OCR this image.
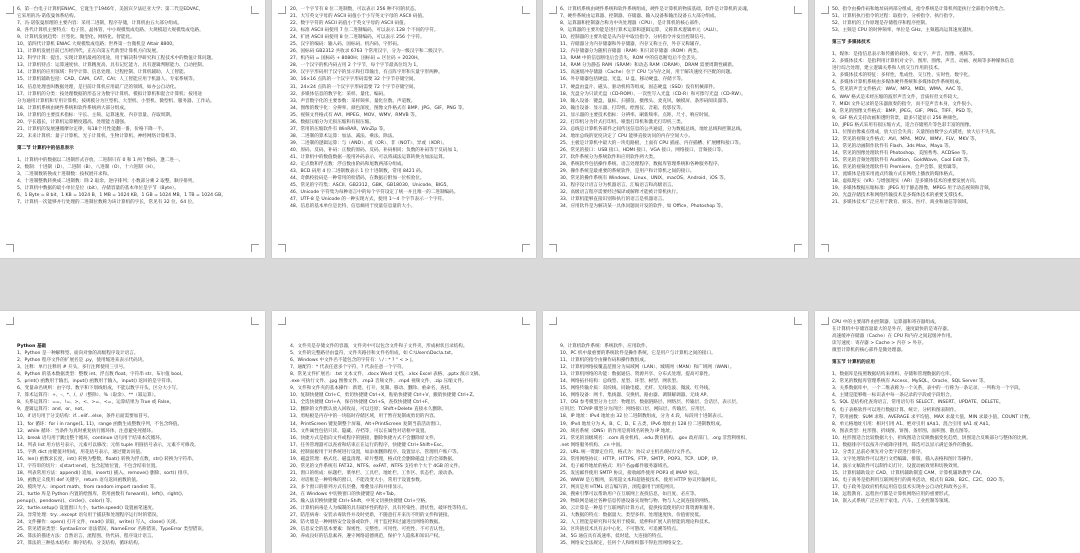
6、第一台电子计算机ENIAC，它诞生于1946年，美国宾夕法尼亚大学；第二代是EDVAC，
它采用的冯·诺依曼体系结构。
7、冯·诺依曼原理的主要内容：采用二进制，程序存储，计算机由五大部分组成。
8、各代计算机主要特点：电子管、晶体管、中小规模集成电路、大规模超大规模集成电路。
9、计算机发展趋势：巨型化、微型化、网络化、智能化。
10、第四代计算机 ENIAC 大规模集成电路；世界第一台微机是 Altair 8800。
11、计算机发展目前已历经四代，正在向第五代新型计算机方向发展。
12、科学计算：提出、实现计算机最初的用途，用于解决科学研究和工程技术中的数值计算问题。
13、计算机特点：运算速度快、计算精度高、具有记忆能力、具有逻辑判断能力、自动控制。
14、计算机的应用领域：科学计算、信息处理、过程控制、计算机辅助、人工智能。
15、计算机辅助包括：CAD、CAM、CAT、CAI；人工智能应用于机器人、专家系统等。
16、信息处理也叫数据处理，是目前计算机应用最广泛的领域，如办公自动化。
17、计算机的分类：按处理数据的形态分为数字计算机、模拟计算机和混合计算机；按用途
分为通用计算机和专用计算机；按规模分为巨型机、大型机、小型机、微型机、服务器、工作站。
18、计算机系统由硬件系统和软件系统两大部分组成。
19、计算机的主要技术指标：字长、主频、运算速度、内存容量、存取周期。
20、字长越长，计算机运算精度越高，处理能力越强。
21、计算机的发展遵循摩尔定律，每18个月性能翻一番，价格下降一半。
22、未来计算机：量子计算机、光子计算机、生物计算机、神经网络计算机等。
第二节 计算机中的信息表示
1、计算机中的数据以二进制形式存放，二进制只有 0 和 1 两个数码，逢二进一。
2、数制：十进制（D）、二进制（B）、八进制（O）、十六进制（H）。
3、二进制数转换成十进制数：按权展开求和。
4、十进制整数转换成二进制数：除 2 取余，逆序排列；小数部分乘 2 取整，顺序排列。
5、计算机中数据的最小单位是位（bit），存储容量的基本单位是字节（Byte）。
6、1 Byte = 8 bit，1 KB = 1024 B，1 MB = 1024 KB，1 GB = 1024 MB，1 TB = 1024 GB。
7、计算机一次能够并行处理的二进制位数称为该计算机的字长，常见有 32 位、64 位。
20、一个字节有 8 位二进制数，可以表示 256 种不同的状态。
21、大写英文字母的 ASCII 码值小于小写英文字母的 ASCII 码值。
22、数字字符的 ASCII 码值小于英文字母的 ASCII 码值。
23、标准 ASCII 码使用 7 位二进制编码，可以表示 128 个不同的字符。
24、扩展 ASCII 码使用 8 位二进制编码，可以表示 256 个字符。
25、汉字的编码：输入码、国标码、机内码、字形码。
26、国标码 GB2312 共收录 6763 个常用汉字，分为一级汉字和二级汉字。
27、机内码 = 国标码 + 8080H；国标码 = 区位码 + 2020H。
28、一个汉字的机内码占用 2 个字节，每个字节最高位均为 1。
29、汉字字形码用于汉字的显示和打印输出，有点阵字形和矢量字形两种。
30、16×16 点阵的一个汉字字形码需要 32 个字节存储空间。
31、24×24 点阵的一个汉字字形码需要 72 个字节存储空间。
32、多媒体信息的数字化：采样、量化、编码。
33、声音数字化的主要参数：采样频率、量化位数、声道数。
34、图像的数字化：分辨率、颜色深度，图像文件格式有 BMP、JPG、GIF、PNG 等。
35、视频文件格式有 AVI、MPEG、MOV、WMV、RMVB 等。
36、数据压缩分为无损压缩和有损压缩。
37、常用的压缩软件有 WinRAR、WinZip 等。
38、二进制的算术运算：加法、减法、乘法、除法。
39、二进制的逻辑运算：与（AND）、或（OR）、非（NOT）、异或（XOR）。
40、原码、反码、补码：正数的原码、反码、补码相同；负数的补码等于反码加 1。
41、计算机中的数值数据一般用补码表示，可以将减法运算转换为加法运算。
42、定点数和浮点数：浮点数由阶码和尾数两部分组成。
43、BCD 码用 4 位二进制数表示 1 位十进制数，常用 8421 码。
44、奇偶校验码是一种常用的检错码，在数据后附加一位校验位。
45、常见的字符集：ASCII、GB2312、GBK、GB18030、Unicode、BIG5。
46、Unicode 字符集为每种语言中的每个字符设定了统一并且唯一的二进制编码。
47、UTF-8 是 Unicode 的一种实现方式，使用 1～4 个字节表示一个字符。
48、信息的基本单位是比特，信息熵用于度量信息量的大小。
6、计算机系统由硬件系统和软件系统组成，硬件是计算机的物质基础，软件是计算机的灵魂。
7、硬件系统由运算器、控制器、存储器、输入设备和输出设备五大部分组成。
8、运算器和控制器合称为中央处理器（CPU），是计算机的核心部件。
9、运算器的主要功能是进行算术运算和逻辑运算，又称算术逻辑单元（ALU）。
10、控制器的主要功能是从内存中取出指令、分析指令并发出控制信号。
11、存储器分为内存储器和外存储器，内存又称主存，外存又称辅存。
12、内存储器分为随机存储器（RAM）和只读存储器（ROM）两类。
13、RAM 中的信息断电后会丢失，ROM 中的信息断电后不会丢失。
14、RAM 分为静态 RAM（SRAM）和动态 RAM（DRAM），DRAM 需要周期性刷新。
15、高速缓冲存储器（Cache）位于 CPU 与内存之间，用于解决速度不匹配的问题。
16、外存储器包括硬盘、光盘、U 盘、移动硬盘、存储卡等。
17、硬盘由盘片、磁头、驱动机构等组成，固态硬盘（SSD）没有机械部件。
18、光盘分为只读光盘（CD-ROM）、一次性写入光盘（CD-R）和可擦写光盘（CD-RW）。
19、输入设备：键盘、鼠标、扫描仪、摄像头、麦克风、触摸屏、条形码阅读器等。
20、输出设备：显示器、打印机、绘图仪、音箱、投影仪等。
21、显示器的主要技术指标：分辨率、刷新频率、点距、尺寸、响应时间。
22、打印机分为针式打印机、喷墨打印机和激光打印机三类。
23、总线是计算机各部件之间传送信息的公共通道，分为数据总线、地址总线和控制总线。
24、地址总线的宽度决定了 CPU 能够直接访问的内存空间大小。
25、主板是计算机中最大的一块电路板，上面有 CPU 插座、内存插槽、扩展槽和接口等。
26、常见的接口：USB 接口、HDMI 接口、VGA 接口、网络接口、音频接口等。
27、软件系统分为系统软件和应用软件两大类。
28、系统软件包括操作系统、语言处理程序、数据库管理系统和各种服务程序。
29、操作系统是最重要的系统软件，是用户和计算机之间的接口。
30、常见的操作系统有 Windows、Linux、UNIX、macOS、Android、iOS 等。
31、程序设计语言分为机器语言、汇编语言和高级语言。
32、高级语言程序需要经过编译或解释才能被计算机执行。
33、计算机能够直接识别和执行的语言是机器语言。
34、应用软件是为解决某一具体问题而开发的软件，如 Office、Photoshop 等。
50、指令由操作码和地址码两部分组成，指令系统是计算机所能执行全部指令的集合。
51、计算机执行指令的过程：取指令、分析指令、执行指令。
52、计算机的工作原理是存储程序和程序控制。
53、主频是 CPU 的时钟频率，单位是 GHz，主频越高运算速度越快。
第三节 多媒体技术
1、媒体：是指信息表示和传播的载体，如文字、声音、图像、视频等。
2、多媒体技术：是指利用计算机对文字、图形、图像、声音、动画、视频等多种媒体信息
进行综合处理，建立逻辑关系和人机交互作用的技术。
3、多媒体技术的特征：多样性、集成性、交互性、实时性、数字化。
4、多媒体计算机系统由多媒体硬件系统和多媒体软件系统组成。
5、常见的声音文件格式：WAV、MP3、MIDI、WMA、AAC 等。
6、WAV 格式是未经压缩的波形声音文件，音质好但文件较大。
7、MIDI 文件记录的是乐器演奏的指令，而不是声音本身，文件很小。
8、常见的图像文件格式：BMP、JPEG、GIF、PNG、TIFF、PSD 等。
9、GIF 格式支持动画和透明背景，最多只能显示 256 种颜色。
10、JPEG 格式采用有损压缩方式，适合存储照片等色彩丰富的图像。
11、位图由像素点组成，放大后会失真；矢量图由数学公式描述，放大后不失真。
12、常见的视频文件格式：AVI、MP4、MOV、WMV、FLV、MKV 等。
13、常见的动画制作软件有 Flash、3ds Max、Maya 等。
14、常见的图像处理软件有 Photoshop、美图秀秀、ACDSee 等。
15、常见的音频处理软件有 Audition、GoldWave、Cool Edit 等。
16、常见的视频处理软件有 Premiere、会声会影、爱剪辑等。
17、流媒体是指采用流式传输方式在网络上播放的媒体格式。
18、虚拟现实（VR）与增强现实（AR）是多媒体技术的重要发展方向。
19、多媒体数据压缩标准：JPEG 用于静态图像，MPEG 用于动态视频和音频。
20、光盘存储技术和网络传输技术是多媒体技术的重要支撑技术。
21、多媒体技术广泛应用于教育、娱乐、医疗、商业和通信等领域。
Python 基础
1、Python 是一种解释型、面向对象的高级程序设计语言。
2、Python 程序文件的扩展名是 .py，使用缩进来表示代码块。
3、注释：单行注释用 # 开头，多行注释使用三引号。
4、Python 的基本数据类型：整数 int、浮点数 float、字符串 str、布尔值 bool。
5、print() 函数用于输出，input() 函数用于输入，input() 返回的是字符串。
6、变量命名规则：由字母、数字和下划线组成，不能以数字开头，区分大小写。
7、算术运算符：+、-、*、/、//（整除）、%（取余）、**（幂运算）。
8、关系运算符：==、!=、>、<、>=、<=，运算结果为 True 或 False。
9、逻辑运算符：and、or、not。
10、if 语句用于分支结构：if…elif…else，条件后面需要加冒号。
11、for 循环：for i in range(1, 11)，range 函数生成整数序列，不包含终值。
12、while 循环：当条件为真时重复执行循环体，注意避免死循环。
13、break 语句用于跳出整个循环，continue 语句用于结束本次循环。
14、列表 list 用方括号表示，元素可以修改；元组 tuple 用圆括号表示，元素不可修改。
15、字典 dict 由键值对组成，用花括号表示，通过键访问值。
16、len() 函数求长度，int() 转换为整数，float() 转换为浮点数，str() 转换为字符串。
17、字符串的切片：s[start:end]，包含起始位置，不包含结束位置。
18、列表常用方法：append() 追加、insert() 插入、remove() 删除、sort() 排序。
19、函数定义使用 def 关键字，return 语句返回函数的值。
20、模块导入：import math、from random import randint 等。
21、turtle 库是 Python 内置的绘图库，常用函数有 forward()、left()、right()、
penup()、pendown()、circle()、color() 等。
22、turtle.setup() 设置窗口大小，turtle.speed() 设置画笔速度。
23、异常处理：try…except 语句用于捕获和处理程序运行时的错误。
24、文件操作：open() 打开文件，read() 读取，write() 写入，close() 关闭。
25、常见错误类型：SyntaxError 语法错误、NameError 名称错误、TypeError 类型错误。
26、算法的描述方法：自然语言、流程图、伪代码、程序设计语言。
27、算法的三种基本结构：顺序结构、分支结构、循环结构。
4、文件夹是存储文件的容器，文件夹中可以包含文件和子文件夹，形成树状目录结构。
5、文件的完整路径由盘符、文件夹路径和文件名组成，如 C:\Users\Doc\a.txt。
6、Windows 中文件名不能包含的字符有：\ / : * ? " < > |。
7、通配符：* 代表任意多个字符，? 代表任意一个字符。
8、常见文件扩展名：.txt 文本文件、.docx Word 文档、.xlsx Excel 表格、.pptx 演示文稿、
.exe 可执行文件、.jpg 图像文件、.mp3 音频文件、.mp4 视频文件、.zip 压缩文件。
9、文件和文件夹的基本操作：新建、打开、复制、移动、删除、重命名、查找。
10、复制快捷键 Ctrl+C，剪切快捷键 Ctrl+X，粘贴快捷键 Ctrl+V，撤销快捷键 Ctrl+Z。
11、全选快捷键 Ctrl+A，保存快捷键 Ctrl+S，查找快捷键 Ctrl+F。
12、删除的文件默认放入回收站，可以还原；Shift+Delete 直接永久删除。
13、剪贴板是内存中的一块临时存储区域，用于暂存复制或剪切的内容。
14、PrintScreen 键复制整个屏幕，Alt+PrintScreen 复制当前活动窗口。
15、文件属性包括只读、隐藏、存档等，可以在属性对话框中设置。
16、快捷方式是指向文件或程序的链接，删除快捷方式不会删除原文件。
17、任务管理器可以查看和结束正在运行的程序，快捷键 Ctrl+Shift+Esc。
18、控制面板用于对系统进行设置，如添加删除程序、设置显示、管理用户账户等。
19、磁盘管理：格式化、磁盘清理、碎片整理，格式化会删除磁盘上的全部数据。
20、常见的文件系统有 FAT32、NTFS、exFAT，NTFS 支持单个大于 4GB 的文件。
21、窗口的组成：标题栏、菜单栏、工具栏、地址栏、工作区、状态栏、滚动条。
22、对话框是一种特殊的窗口，不能改变大小，常用于设置参数。
23、多个窗口的排列方式有层叠、堆叠显示和并排显示。
24、在 Windows 中切换窗口的快捷键是 Alt+Tab。
25、输入法切换快捷键 Ctrl+Shift，中英文切换快捷键 Ctrl+空格。
26、计算机病毒是人为编制的具有破坏性的程序，具有传染性、潜伏性、破坏性等特点。
27、防范病毒：安装杀毒软件并及时更新，不随意打开来历不明的文件和链接。
28、防火墙是一种网络安全设备或软件，用于监控和过滤进出网络的数据。
29、信息安全的基本要素：保密性、完整性、可用性、可控性、不可否认性。
30、养成良好的信息素养，遵守网络道德规范，保护个人隐私和知识产权。
9、计算机软件系统：系统软件、应用软件。
10、PC 机中最重要的系统软件是操作系统，它是用户与计算机之间的接口。
11、计算机的指令由操作码和操作数组成。
12、计算机网络按覆盖范围分为局域网（LAN）、城域网（MAN）和广域网（WAN）。
13、计算机网络的功能：数据通信、资源共享、分布式处理、提高可靠性。
14、网络拓扑结构：总线型、星型、环型、树型、网状型。
15、网络传输介质：双绞线、同轴电缆、光纤、无线电波、微波、红外线。
16、网络设备：网卡、集线器、交换机、路由器、调制解调器、无线 AP。
17、OSI 参考模型分为七层：物理层、数据链路层、网络层、传输层、会话层、表示层、
应用层；TCP/IP 模型分为四层：网络接口层、网际层、传输层、应用层。
18、IP 地址：IPv4 地址由 32 位二进制数组成，分为 4 段，每段用十进制表示。
19、IPv4 地址分为 A、B、C、D、E 五类，IPv6 地址由 128 位二进制数组成。
20、域名系统（DNS）的作用是将域名转换为 IP 地址。
21、常见的顶级域名：.com 商业机构、.edu 教育机构、.gov 政府部门、.org 非营利组织、
.net 网络服务机构、.cn 中国。
22、URL 统一资源定位符，格式为：协议://主机名/路径/文件名。
23、常用网络协议：HTTP、HTTPS、FTP、SMTP、POP3、TCP、UDP、IP。
24、电子邮件地址的格式：用户名@邮件服务器域名。
25、发送邮件使用 SMTP 协议，接收邮件使用 POP3 或 IMAP 协议。
26、WWW 是万维网，采用超文本和超链接技术，使用 HTTP 协议传输网页。
27、网页是用 HTML 语言编写的，浏览器用于浏览网页。
28、搜索引擎可以帮助用户在互联网上查找信息，如百度、必应等。
29、物联网是通过各种信息传感设备实现物与物、物与人之间连接的网络。
30、云计算是一种基于互联网的计算方式，提供按需使用的计算资源和服务。
31、大数据的特点：数据量大、类型多样、处理速度快、价值密度低。
32、人工智能是研究和开发用于模拟、延伸和扩展人的智能的理论和技术。
33、区块链技术具有去中心化、不可篡改、可追溯等特点。
34、5G 通信具有高速率、低时延、大连接的特点。
35、网络安全法规定，任何个人和组织都不得危害网络安全。
CPU 中的主要部件由控制器、运算器和寄存器组成。
在计算机中存储容量最大的是外存，速度最快的是寄存器。
高速缓冲存储器（Cache）在 CPU 和内存之间起缓冲作用。
读写速度：寄存器 > Cache > 内存 > 外存。
微型计算机的核心部件是微处理器。
第五节 计算机的应用
1、数据库是按照数据结构来组织、存储和管理数据的仓库。
2、常见的数据库管理系统有 Access、MySQL、Oracle、SQL Server 等。
3、关系数据库中，一个二维表称为一个关系，表中的一行称为一条记录，一列称为一个字段。
4、主键是能够唯一标识表中每一条记录的字段或字段组合。
5、SQL 是结构化查询语言，常用语句有 SELECT、INSERT、UPDATE、DELETE。
6、电子表格软件可以进行数据计算、统计、分析和图表制作。
7、常用函数：SUM 求和、AVERAGE 求平均值、MAX 求最大值、MIN 求最小值、COUNT 计数。
8、单元格地址引用：相对引用 A1、绝对引用 $A$1、混合引用 $A1 或 A$1。
9、图表类型：柱形图、折线图、饼图、条形图、面积图、散点图等。
10、柱形图适合比较数据大小，折线图适合反映数据变化趋势，饼图适合反映部分与整体的比例。
11、数据排序可以按升序或降序排列，筛选可以显示满足条件的数据。
12、分类汇总前必须先对分类字段进行排序。
13、文字处理软件可以进行文档编辑、排版、插入表格和图片等操作。
14、演示文稿软件可以制作幻灯片，设置动画效果和切换效果。
15、计算机辅助设计 CAD、计算机辅助制造 CAM、计算机辅助教学 CAI。
16、电子商务是指利用互联网进行的商务活动，模式有 B2B、B2C、C2C、O2O 等。
17、电子政务是政府机构运用信息技术实现办公自动化和政务公开。
18、远程教育、远程医疗都是计算机网络应用的重要形式。
19、嵌入式系统广泛应用于家电、汽车、工业控制等领域。
